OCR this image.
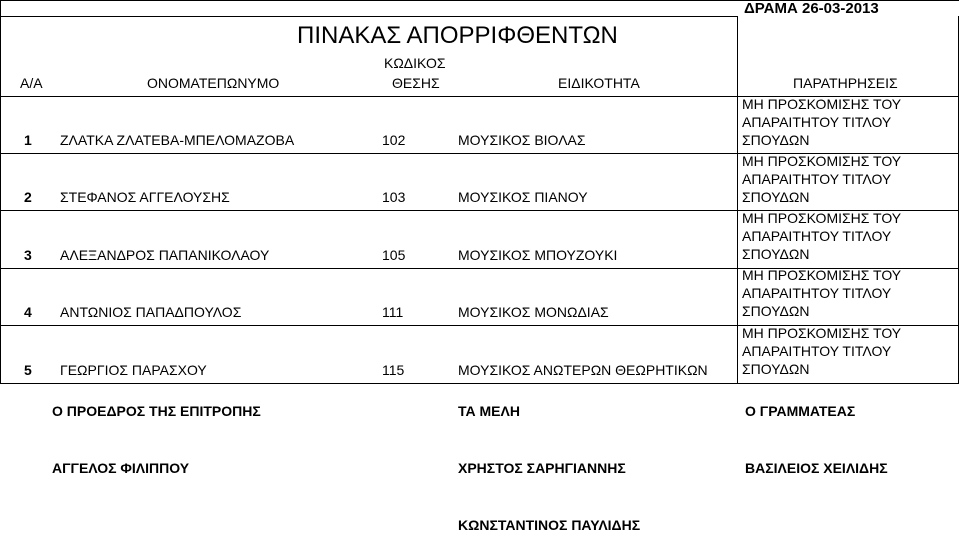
ΠΙΝΑΚΑΣ ΑΠΟΡΡΙΦΘΕΝΤΩΝ
ΔΡΑΜΑ 26-03-2013
Α/Α	ΟΝΟΜΑΤΕΠΩΝΥΜΟ
ΚΩΔΙΚΟΣ
ΘΕΣΗΣ	ΕΙΔΙΚΟΤΗΤΑ	ΠΑΡΑΤΗΡΗΣΕΙΣ
1 ΖΛΑΤΚΑ ΖΛΑΤΕΒΑ-ΜΠΕΛΟΜΑΖΟΒΑ	102	ΜΟΥΣΙΚΟΣ ΒΙΟΛΑΣ
ΜΗ ΠΡΟΣΚΟΜΙΣΗΣ ΤΟΥ
ΑΠΑΡΑΙΤΗΤΟΥ ΤΙΤΛΟΥ
ΣΠΟΥΔΩΝ
2 ΣΤΕΦΑΝΟΣ ΑΓΓΕΛΟΥΣΗΣ	103	ΜΟΥΣΙΚΟΣ ΠΙΑΝΟΥ
ΜΗ ΠΡΟΣΚΟΜΙΣΗΣ ΤΟΥ
ΑΠΑΡΑΙΤΗΤΟΥ ΤΙΤΛΟΥ
ΣΠΟΥΔΩΝ
3 ΑΛΕΞΑΝΔΡΟΣ ΠΑΠΑΝΙΚΟΛΑΟΥ	105	ΜΟΥΣΙΚΟΣ ΜΠΟΥΖΟΥΚΙ
ΜΗ ΠΡΟΣΚΟΜΙΣΗΣ ΤΟΥ
ΑΠΑΡΑΙΤΗΤΟΥ ΤΙΤΛΟΥ
ΣΠΟΥΔΩΝ
4 ΑΝΤΩΝΙΟΣ ΠΑΠΑΔΠΟΥΛΟΣ	111	ΜΟΥΣΙΚΟΣ ΜΟΝΩΔΙΑΣ
ΜΗ ΠΡΟΣΚΟΜΙΣΗΣ ΤΟΥ
ΑΠΑΡΑΙΤΗΤΟΥ ΤΙΤΛΟΥ
ΣΠΟΥΔΩΝ
5 ΓΕΩΡΓΙΟΣ ΠΑΡΑΣΧΟΥ	115	ΜΟΥΣΙΚΟΣ ΑΝΩΤΕΡΩΝ ΘΕΩΡΗΤΙΚΩΝ
ΜΗ ΠΡΟΣΚΟΜΙΣΗΣ ΤΟΥ
ΑΠΑΡΑΙΤΗΤΟΥ ΤΙΤΛΟΥ
ΣΠΟΥΔΩΝ
Ο ΠΡΟΕΔΡΟΣ ΤΗΣ ΕΠΙΤΡΟΠΗΣ	ΤΑ ΜΕΛΗ	Ο ΓΡΑΜΜΑΤΕΑΣ
ΑΓΓΕΛΟΣ ΦΙΛΙΠΠΟΥ	ΧΡΗΣΤΟΣ ΣΑΡΗΓΙΑΝΝΗΣ	ΒΑΣΙΛΕΙΟΣ ΧΕΙΛΙΔΗΣ
ΚΩΝΣΤΑΝΤΙΝΟΣ ΠΑΥΛΙΔΗΣ
